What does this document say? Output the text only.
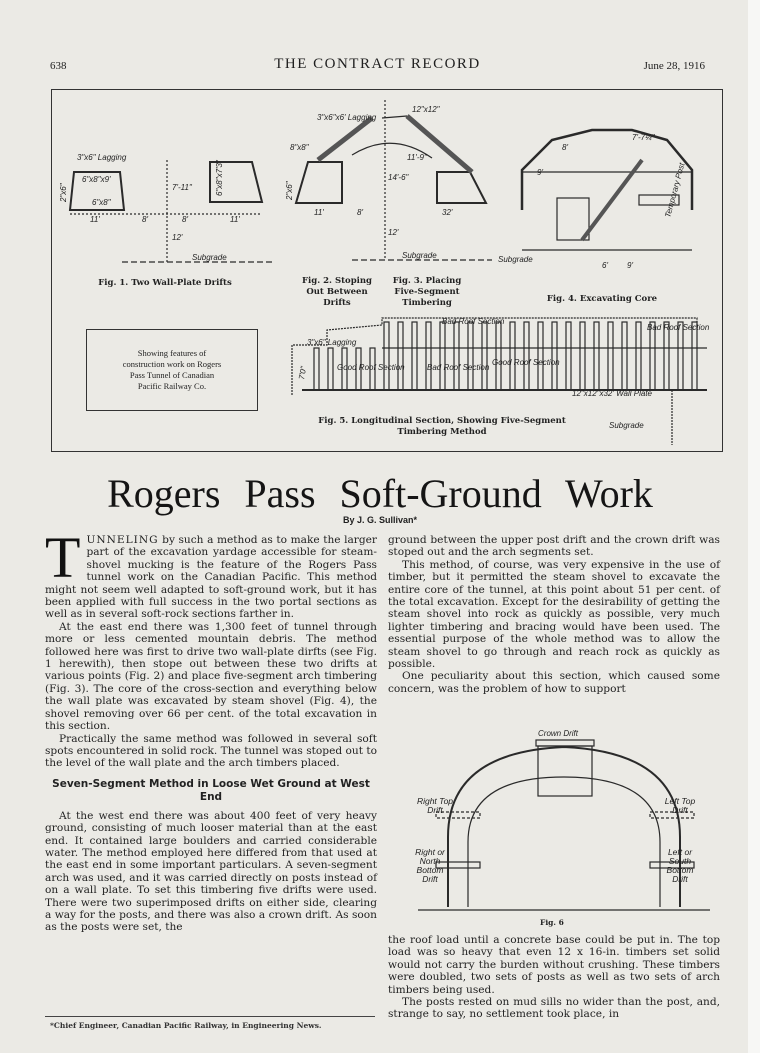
638	THE CONTRACT RECORD	June 28, 1916
3"x6" Lagging
6"x8"x9'
6"x8"
2"x6"	6"x8"x7'3"
7'-11"
12'
11'	8'	8'	11'
Subgrade
3"x6"x6' Lagging
12"x12"
8"x8"
2"x6"
14'-6"
11'-9"
12'
11'	8'	32'
Subgrade
7'-7¼"
8'
9'	Temporary Post
6' 9'
Subgrade
Bad Roof Section
Bad Roof Section
3"x6" Lagging
Good Roof Section	Bad Roof Section
Good Roof Section
12"x12"x32' Wall Plate
Subgrade
7'0"
Fig. 1. Two Wall-Plate Drifts	Fig. 2. Stoping
Out Between
Drifts
Fig. 3. Placing
Five-Segment
Timbering	Fig. 4. Excavating Core
Showing features of construction work on Rogers Pass Tunnel of Canadian Pacific Railway Co.
Fig. 5. Longitudinal Section, Showing Five-Segment
Timbering Method
Rogers Pass Soft-Ground Work
By J. G. Sullivan*

TUNNELING by such a method as to make the larger part of the excavation yardage accessible for steam-shovel mucking is the feature of the Rogers Pass tunnel work on the Canadian Pacific. This method might not seem well adapted to soft-ground work, but it has been applied with full success in the two portal sections as well as in several soft-rock sections farther in.

At the east end there was 1,300 feet of tunnel through more or less cemented mountain debris. The method followed here was first to drive two wall-plate dirfts (see Fig. 1 herewith), then stope out between these two drifts at various points (Fig. 2) and place five-segment arch timbering (Fig. 3). The core of the cross-section and everything below the wall plate was excavated by steam shovel (Fig. 4), the shovel removing over 66 per cent. of the total excavation in this section.

Practically the same method was followed in several soft spots encountered in solid rock. The tunnel was stoped out to the level of the wall plate and the arch timbers placed.

Seven-Segment Method in Loose Wet Ground at West End

At the west end there was about 400 feet of very heavy ground, consisting of much looser material than at the east end. It contained large boulders and carried considerable water. The method employed here differed from that used at the east end in some important particulars. A seven-segment arch was used, and it was carried directly on posts instead of on a wall plate. To set this timbering five drifts were used. There were two superimposed drifts on either side, clearing a way for the posts, and there was also a crown drift. As soon as the posts were set, the

ground between the upper post drift and the crown drift was stoped out and the arch segments set.

This method, of course, was very expensive in the use of timber, but it permitted the steam shovel to excavate the entire core of the tunnel, at this point about 51 per cent. of the total excavation. Except for the desirability of getting the steam shovel into rock as quickly as possible, very much lighter timbering and bracing would have been used. The essential purpose of the whole method was to allow the steam shovel to go through and reach rock as quickly as possible.

One peculiarity about this section, which caused some concern, was the problem of how to support

Crown Drift
Right Top Drift
Left Top Drift
Right or North Bottom Drift
Left or South Bottom Drift
Fig. 6

the roof load until a concrete base could be put in. The top load was so heavy that even 12 x 16-in. timbers set solid would not carry the burden without crushing. These timbers were doubled, two sets of posts as well as two sets of arch timbers being used.

The posts rested on mud sills no wider than the post, and, strange to say, no settlement took place, in

*Chief Engineer, Canadian Pacific Railway, in Engineering News.
